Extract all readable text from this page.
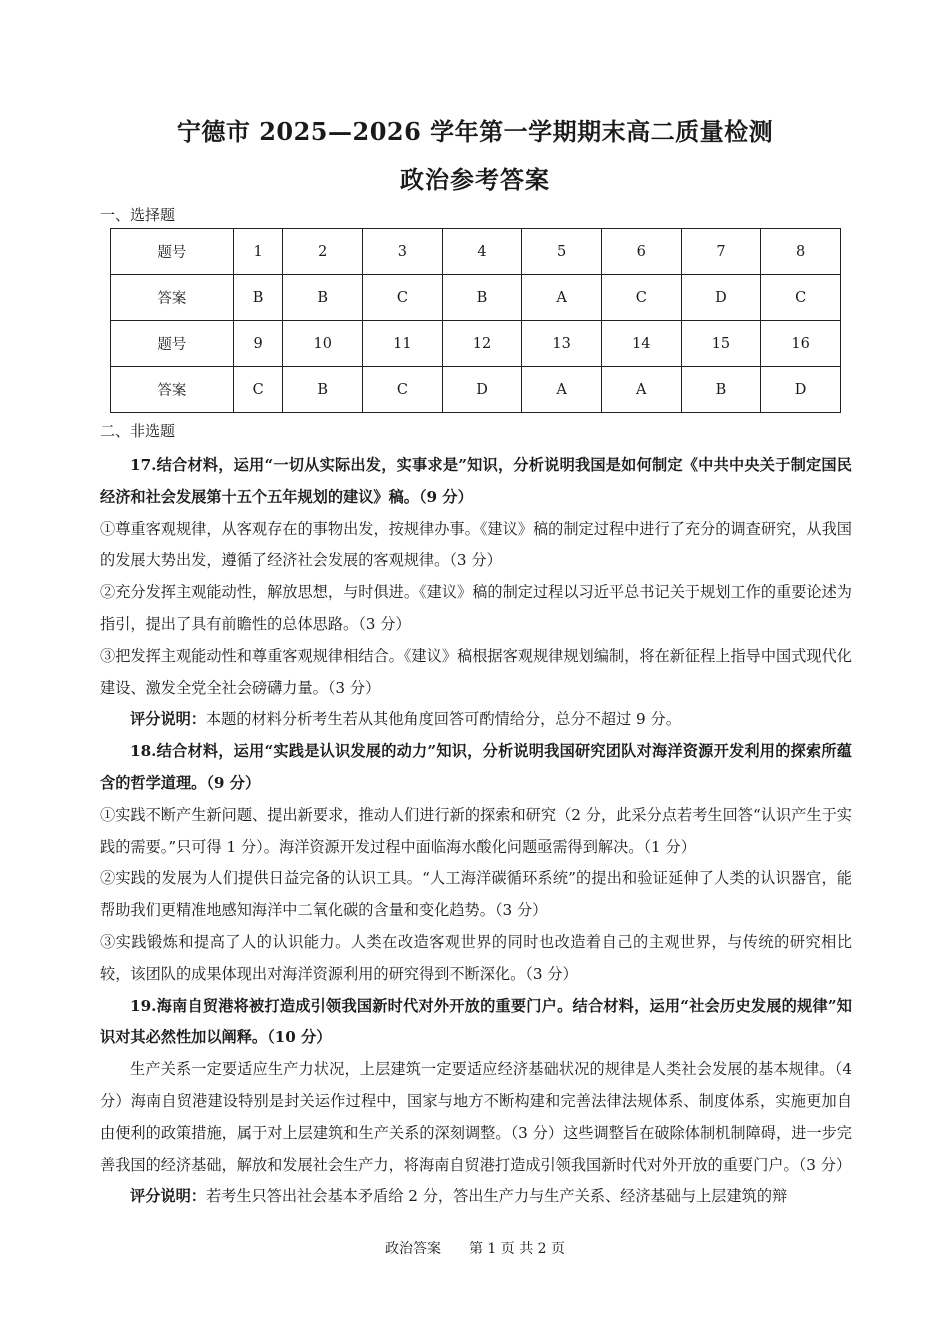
宁德市 2025—2026 学年第一学期期末高二质量检测
政治参考答案
一、选择题
题号	1	2	3	4	5	6	7	8
答案	B	B	C	B	A	C	D	C
题号	9	10	11	12	13	14	15	16
答案	C	B	C	D	A	A	B	D
二、非选题

17.结合材料，运用“一切从实际出发，实事求是”知识，分析说明我国是如何制定《中共中央关于制定国民经济和社会发展第十五个五年规划的建议》稿。（9 分）

①尊重客观规律，从客观存在的事物出发，按规律办事。《建议》稿的制定过程中进行了充分的调查研究，从我国的发展大势出发，遵循了经济社会发展的客观规律。（3 分）

②充分发挥主观能动性，解放思想，与时俱进。《建议》稿的制定过程以习近平总书记关于规划工作的重要论述为指引，提出了具有前瞻性的总体思路。（3 分）

③把发挥主观能动性和尊重客观规律相结合。《建议》稿根据客观规律规划编制，将在新征程上指导中国式现代化建设、激发全党全社会磅礴力量。（3 分）

评分说明：本题的材料分析考生若从其他角度回答可酌情给分，总分不超过 9 分。

18.结合材料，运用“实践是认识发展的动力”知识，分析说明我国研究团队对海洋资源开发利用的探索所蕴含的哲学道理。（9 分）

①实践不断产生新问题、提出新要求，推动人们进行新的探索和研究（2 分，此采分点若考生回答“认识产生于实践的需要。”只可得 1 分）。海洋资源开发过程中面临海水酸化问题亟需得到解决。（1 分）

②实践的发展为人们提供日益完备的认识工具。“人工海洋碳循环系统”的提出和验证延伸了人类的认识器官，能帮助我们更精准地感知海洋中二氧化碳的含量和变化趋势。（3 分）

③实践锻炼和提高了人的认识能力。人类在改造客观世界的同时也改造着自己的主观世界，与传统的研究相比较，该团队的成果体现出对海洋资源利用的研究得到不断深化。（3 分）

19.海南自贸港将被打造成引领我国新时代对外开放的重要门户。结合材料，运用“社会历史发展的规律”知识对其必然性加以阐释。（10 分）

生产关系一定要适应生产力状况，上层建筑一定要适应经济基础状况的规律是人类社会发展的基本规律。（4 分）海南自贸港建设特别是封关运作过程中，国家与地方不断构建和完善法律法规体系、制度体系，实施更加自由便利的政策措施，属于对上层建筑和生产关系的深刻调整。（3 分）这些调整旨在破除体制机制障碍，进一步完善我国的经济基础，解放和发展社会生产力，将海南自贸港打造成引领我国新时代对外开放的重要门户。（3 分）

评分说明：若考生只答出社会基本矛盾给 2 分，答出生产力与生产关系、经济基础与上层建筑的辩

政治答案　　第 1 页 共 2 页
